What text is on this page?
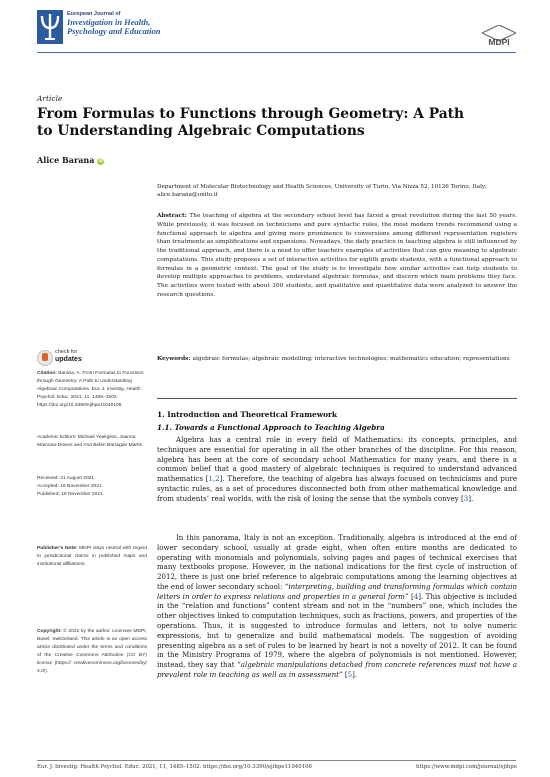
European Journal of
Investigation in Health,
Psychology and Education
MDPI
Article
From Formulas to Functions through Geometry: A Path to Understanding Algebraic Computations
Alice Barana iD
Department of Molecular Biotechnology and Health Sciences, University of Turin, Via Nizza 52, 10126 Torino, Italy; alice.barana@unito.it

Abstract: The teaching of algebra at the secondary school level has faced a great revolution during the last 50 years. While previously, it was focused on technicisms and pure syntactic rules, the most modern trends recommend using a functional approach to algebra and giving more prominence to conversions among different representation registers than treatments as simplifications and expansions. Nowadays, the daily practice in teaching algebra is still influenced by the traditional approach, and there is a need to offer teachers examples of activities that can give meaning to algebraic computations. This study proposes a set of interactive activities for eighth grade students, with a functional approach to formulas in a geometric context. The goal of the study is to investigate how similar activities can help students to develop multiple approaches to problems, understand algebraic formulas, and discern which main problems they face. The activities were tested with about 300 students, and qualitative and quantitative data were analyzed to answer the research questions.

Keywords: algebraic formulas; algebraic modelling; interactive technologies; mathematics education; representations

check for
updates
Citation: Barana, A. From Formulas to Functions through Geometry: A Path to Understanding Algebraic Computations. Eur. J. Investig. Health Psychol. Educ. 2021, 11, 1485–1502. https://doi.org/10.3390/ejihpe11040106
Academic Editors: Michael Yeakgilos, Joanna Mamona-Downs and Ana Belén Barragán Martín
Received: 31 August 2021
Accepted: 16 November 2021
Published: 19 November 2021
Publisher’s Note: MDPI stays neutral with regard to jurisdictional claims in published maps and institutional affiliations.
Copyright: © 2021 by the author. Licensee MDPI, Basel, Switzerland. This article is an open access article distributed under the terms and conditions of the Creative Commons Attribution (CC BY) license (https:// creativecommons.org/licenses/by/ 4.0/).
1. Introduction and Theoretical Framework
1.1. Towards a Functional Approach to Teaching Algebra

Algebra has a central role in every field of Mathematics: its concepts, principles, and techniques are essential for operating in all the other branches of the discipline. For this reason, algebra has been at the core of secondary school Mathematics for many years, and there is a common belief that a good mastery of algebraic techniques is required to understand advanced mathematics [1,2]. Therefore, the teaching of algebra has always focused on technicisms and pure syntactic rules, as a set of procedures disconnected both from other mathematical knowledge and from students’ real worlds, with the risk of losing the sense that the symbols convey [3].

In this panorama, Italy is not an exception. Traditionally, algebra is introduced at the end of lower secondary school, usually at grade eight, when often entire months are dedicated to operating with monomials and polynomials, solving pages and pages of technical exercises that many textbooks propose. However, in the national indications for the first cycle of instruction of 2012, there is just one brief reference to algebraic computations among the learning objectives at the end of lower secondary school: “interpreting, building and transforming formulas which contain letters in order to express relations and properties in a general form” [4]. This objective is included in the “relation and functions” content stream and not in the “numbers” one, which includes the other objectives linked to computation techniques, such as fractions, powers, and properties of the operations. Thus, it is suggested to introduce formulas and letters, not to solve numeric expressions, but to generalize and build mathematical models. The suggestion of avoiding presenting algebra as a set of rules to be learned by heart is not a novelty of 2012. It can be found in the Ministry Programs of 1979, where the algebra of polynomials is not mentioned. However, instead, they say that “algebraic manipulations detached from concrete references must not have a prevalent role in teaching as well as in assessment” [5].

Eur. J. Investig. Health Psychol. Educ. 2021, 11, 1485–1502. https://doi.org/10.3390/ejihpe11040106	https://www.mdpi.com/journal/ejihpe
